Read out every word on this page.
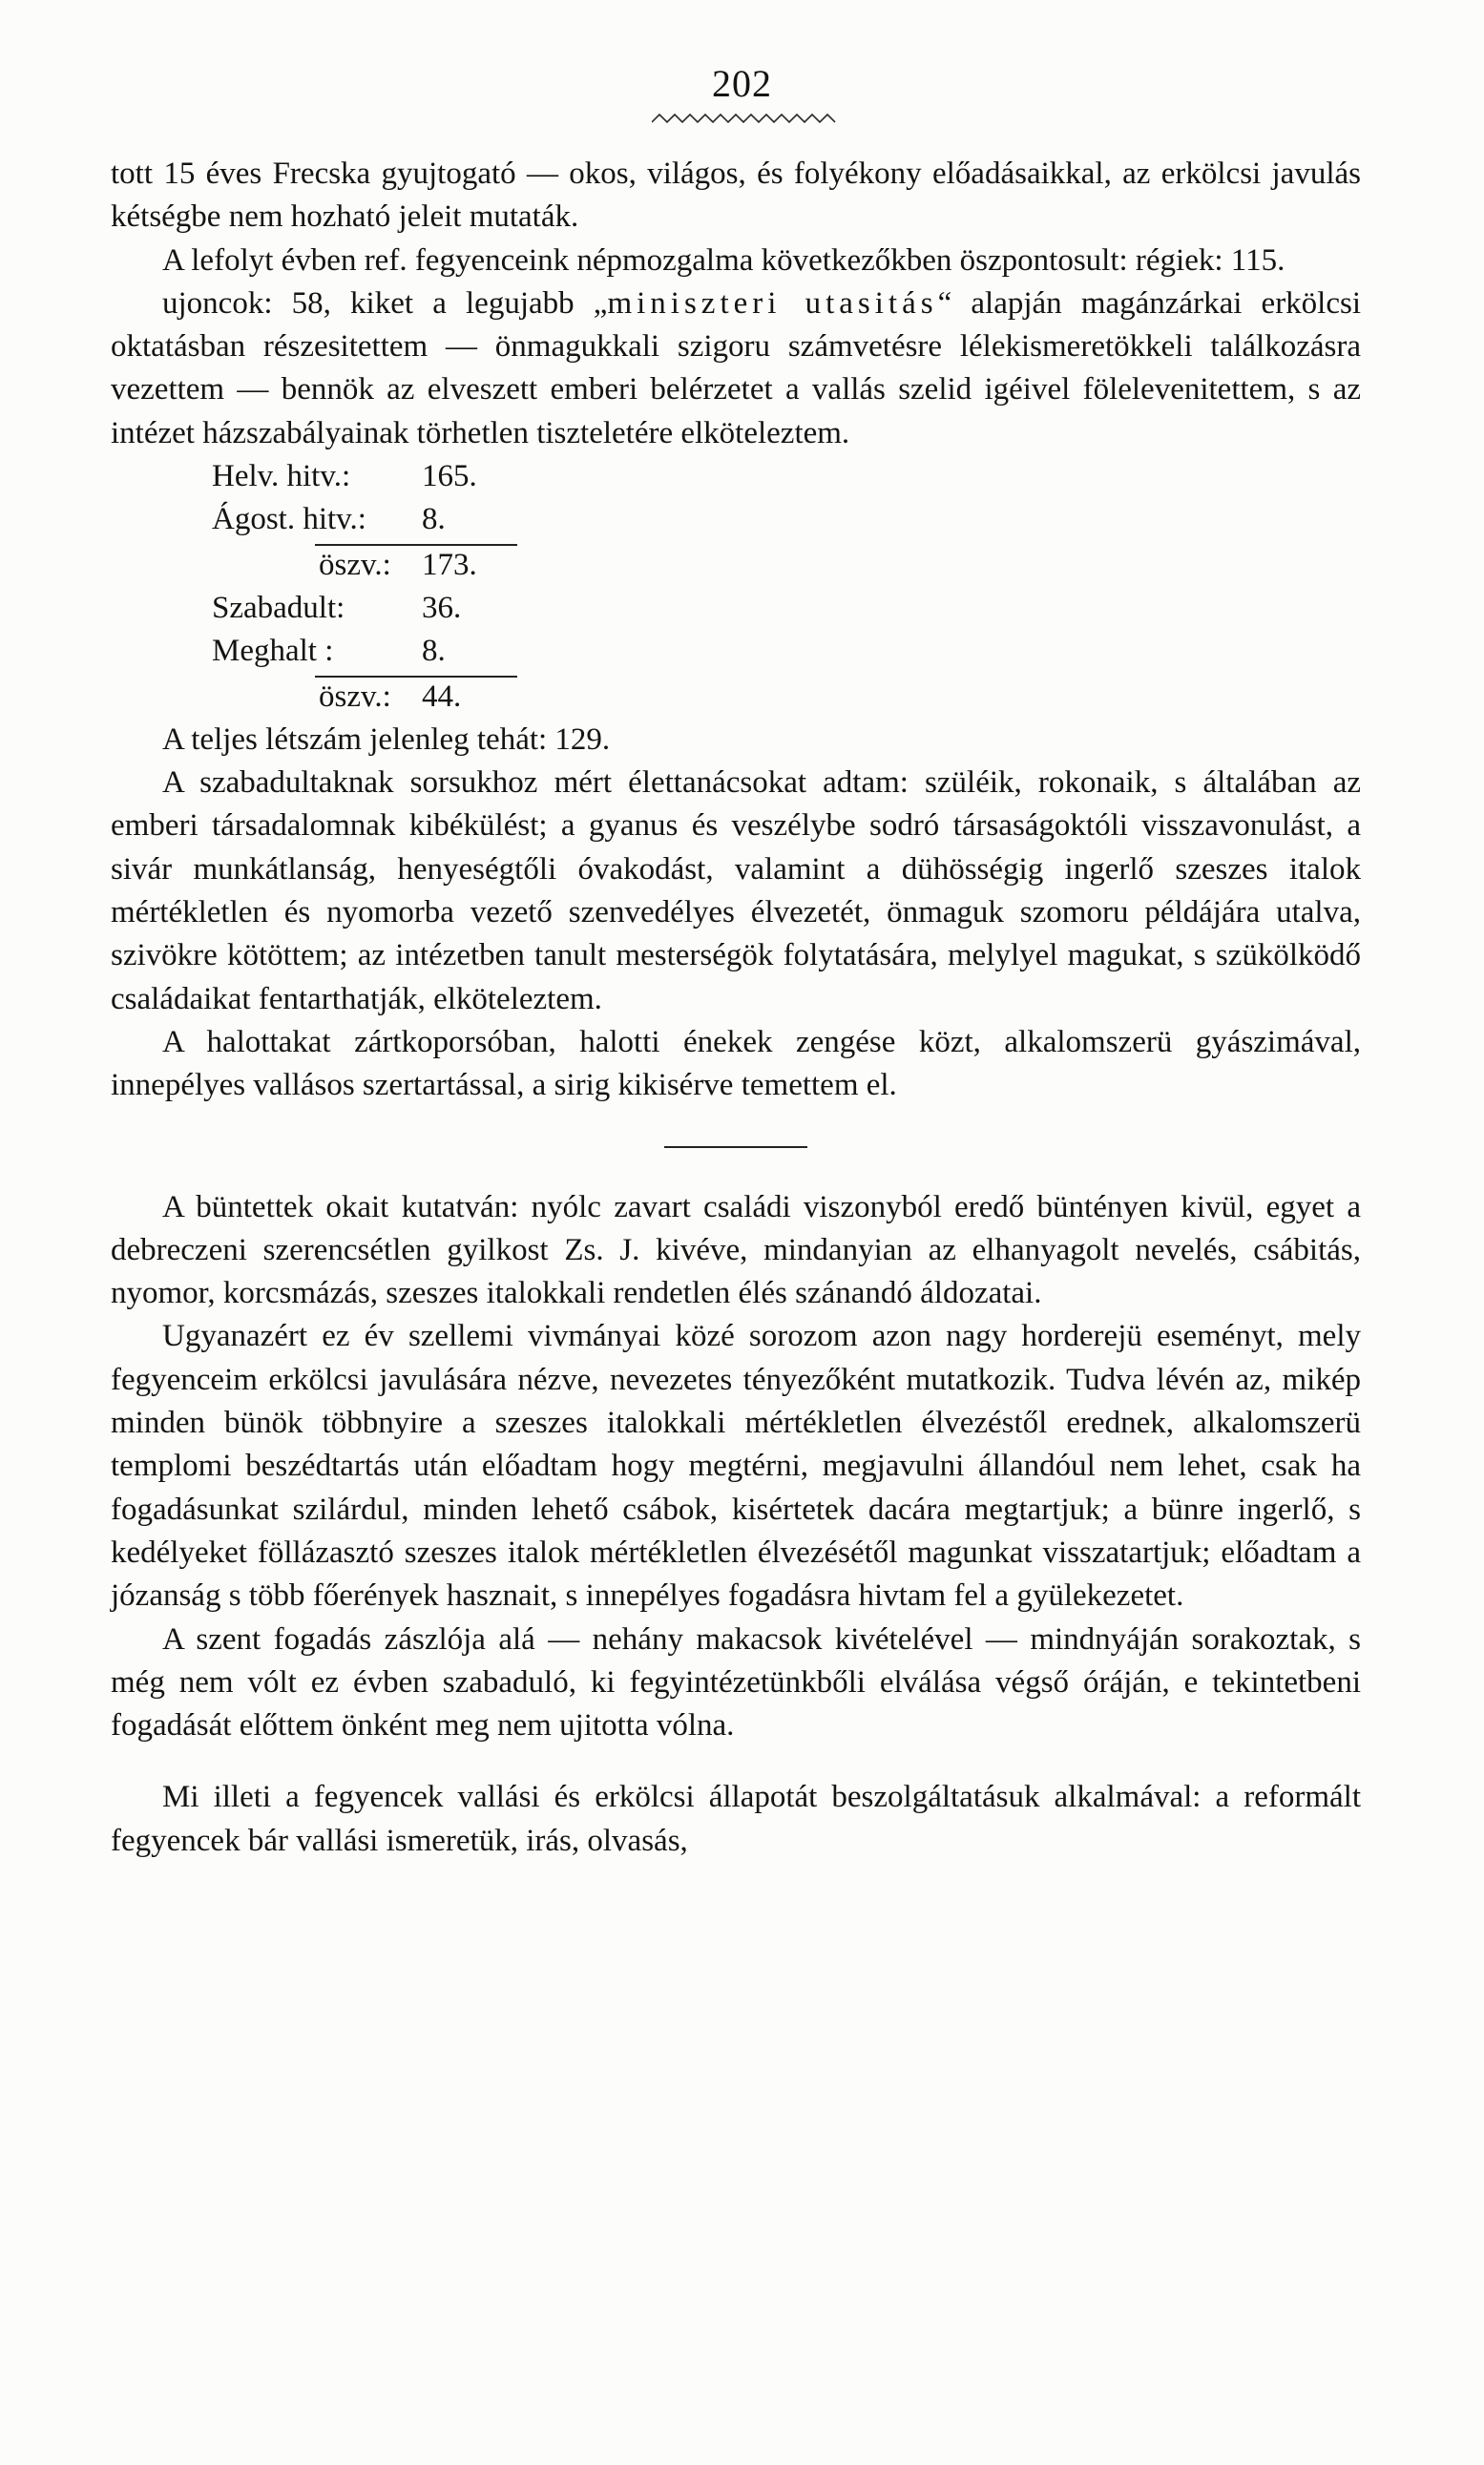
202

tott 15 éves Frecska gyujtogató — okos, világos, és folyékony előadásaikkal, az erkölcsi javulás kétségbe nem hozható jeleit mutaták.

A lefolyt évben ref. fegyenceink népmozgalma következőkben öszpontosult: régiek: 115.

ujonсok: 58, kiket a legujabb „miniszteri utasitás“ alapján magánzárkai erkölcsi oktatásban részesitettem — önmagukkali szigoru számvetésre lélekismeretökkeli találkozásra vezettem — bennök az elveszett emberi belérzetet a vallás szelid igéivel fölelevenitettem, s az intézet házszabályainak törhetlen tiszteletére elköteleztem.

Helv. hitv.:	165.
Ágost. hitv.:	8.
öszv.: 173.
Szabadult:	36.
Meghalt :	8.
öszv.: 44.

A teljes létszám jelenleg tehát: 129.

A szabadultaknak sorsukhoz mért élettanácsokat adtam: szüléik, rokonaik, s általában az emberi társadalomnak kibékülést; a gyanus és veszélybe sodró társaságoktóli visszavonulást, a sivár munkátlanság, henyeségtőli óvakodást, valamint a dühösségig ingerlő szeszes italok mértékletlen és nyomorba vezető szenvedélyes élvezetét, önmaguk szomoru példájára utalva, szivökre kötöttem; az intézetben tanult mesterségök folytatására, melylyel magukat, s szükölködő családaikat fentarthatják, elköteleztem.

A halottakat zártkoporsóban, halotti énekek zengése közt, alkalomszerü gyászimával, innepélyes vallásos szertartással, a sirig kikisérve temettem el.

A büntettek okait kutatván: nyólc zavart családi viszonyból eredő büntényen kivül, egyet a debreczeni szerencsétlen gyilkost Zs. J. kivéve, mindanyian az elhanyagolt nevelés, csábitás, nyomor, korcsmázás, szeszes italokkali rendetlen élés szánandó áldozatai.

Ugyanazért ez év szellemi vivmányai közé sorozom azon nagy horderejü eseményt, mely fegyenceim erkölcsi javulására nézve, nevezetes tényezőként mutatkozik. Tudva lévén az, mikép minden bünök többnyire a szeszes italokkali mértékletlen élvezéstől erednek, alkalomszerü templomi beszédtartás után előadtam hogy megtérni, megjavulni állandóul nem lehet, csak ha fogadásunkat szilárdul, minden lehető csábok, kisértetek dacára megtartjuk; a bünre ingerlő, s kedélyeket föllázasztó szeszes italok mértékletlen élvezésétől magunkat visszatartjuk; előadtam a józanság s több főerények hasznait, s innepélyes fogadásra hivtam fel a gyülekezetet.

A szent fogadás zászlója alá — nehány makacsok kivételével — mindnyáján sorakoztak, s még nem vólt ez évben szabaduló, ki fegyintézetünkbőli elválása végső óráján, e tekintetbeni fogadását előttem önként meg nem ujitotta vólna.

Mi illeti a fegyencek vallási és erkölcsi állapotát beszolgáltatásuk alkalmával: a reformált fegyencek bár vallási ismeretük, irás, olvasás,
